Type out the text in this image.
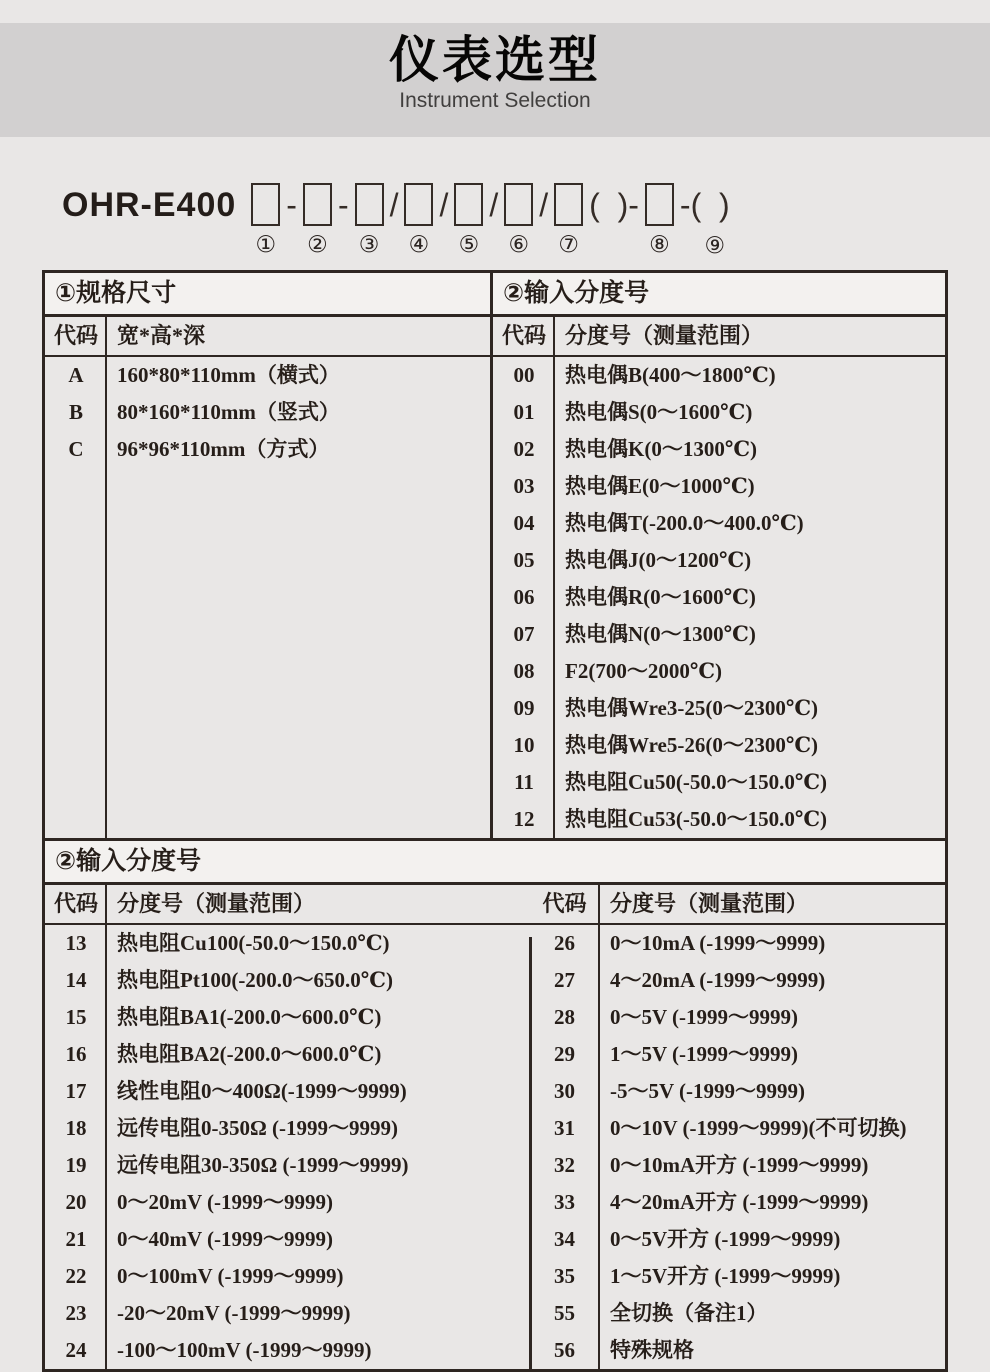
仪表选型
Instrument Selection
OHR-E400
①
-
②
-
③
/
④
/
⑤
/
⑥
/
⑦
(  )-
⑧
-(  )
⑨
①规格尺寸
代码 宽*高*深
A	160*80*110mm（横式）
B	80*160*110mm（竖式）
C	96*96*110mm（方式）
②输入分度号
代码 分度号（测量范围）
00	热电偶B(400～1800℃)
01	热电偶S(0～1600℃)
02	热电偶K(0～1300℃)
03	热电偶E(0～1000℃)
04	热电偶T(-200.0～400.0℃)
05	热电偶J(0～1200℃)
06	热电偶R(0～1600℃)
07	热电偶N(0～1300℃)
08	F2(700～2000℃)
09	热电偶Wre3-25(0～2300℃)
10	热电偶Wre5-26(0～2300℃)
11	热电阻Cu50(-50.0～150.0℃)
12	热电阻Cu53(-50.0～150.0℃)
②输入分度号
代码 分度号（测量范围）	代码	分度号（测量范围）
13	热电阻Cu100(-50.0～150.0℃)	26	0～10mA (-1999～9999)
14	热电阻Pt100(-200.0～650.0℃)	27	4～20mA (-1999～9999)
15	热电阻BA1(-200.0～600.0℃)	28	0～5V (-1999～9999)
16	热电阻BA2(-200.0～600.0℃)	29	1～5V (-1999～9999)
17	线性电阻0～400Ω(-1999～9999)	30	-5～5V (-1999～9999)
18	远传电阻0-350Ω (-1999～9999)	31	0～10V (-1999～9999)(不可切换)
19	远传电阻30-350Ω (-1999～9999)	32	0～10mA开方 (-1999～9999)
20	0～20mV (-1999～9999)	33	4～20mA开方 (-1999～9999)
21	0～40mV (-1999～9999)	34	0～5V开方 (-1999～9999)
22	0～100mV (-1999～9999)	35	1～5V开方 (-1999～9999)
23	-20～20mV (-1999～9999)	55	全切换（备注1）
24	-100～100mV (-1999～9999)	56	特殊规格
